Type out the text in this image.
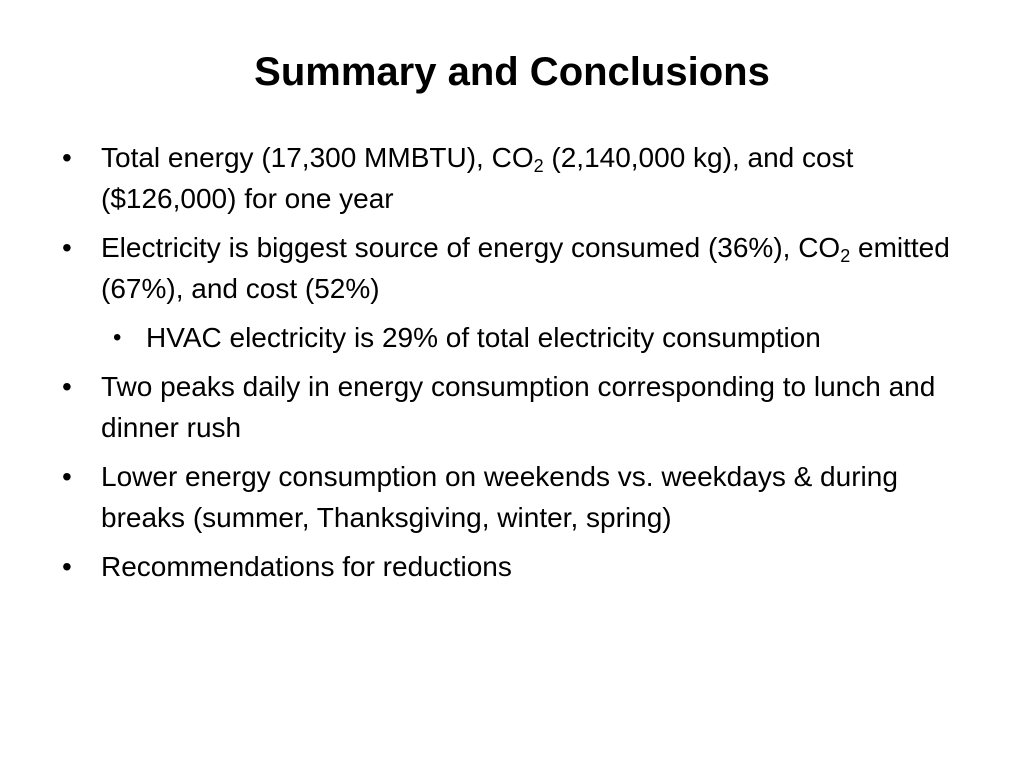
Summary and Conclusions
•	Total energy (17,300 MMBTU), $CO_2$ (2,140,000 kg), and cost ($126,000) for one year
•	Electricity is biggest source of energy consumed (36%), $CO_2$ emitted (67%), and cost (52%)
• HVAC electricity is 29% of total electricity consumption
•	Two peaks daily in energy consumption corresponding to lunch and dinner rush
•	Lower energy consumption on weekends vs. weekdays & during breaks (summer, Thanksgiving, winter, spring)
•	Recommendations for reductions
